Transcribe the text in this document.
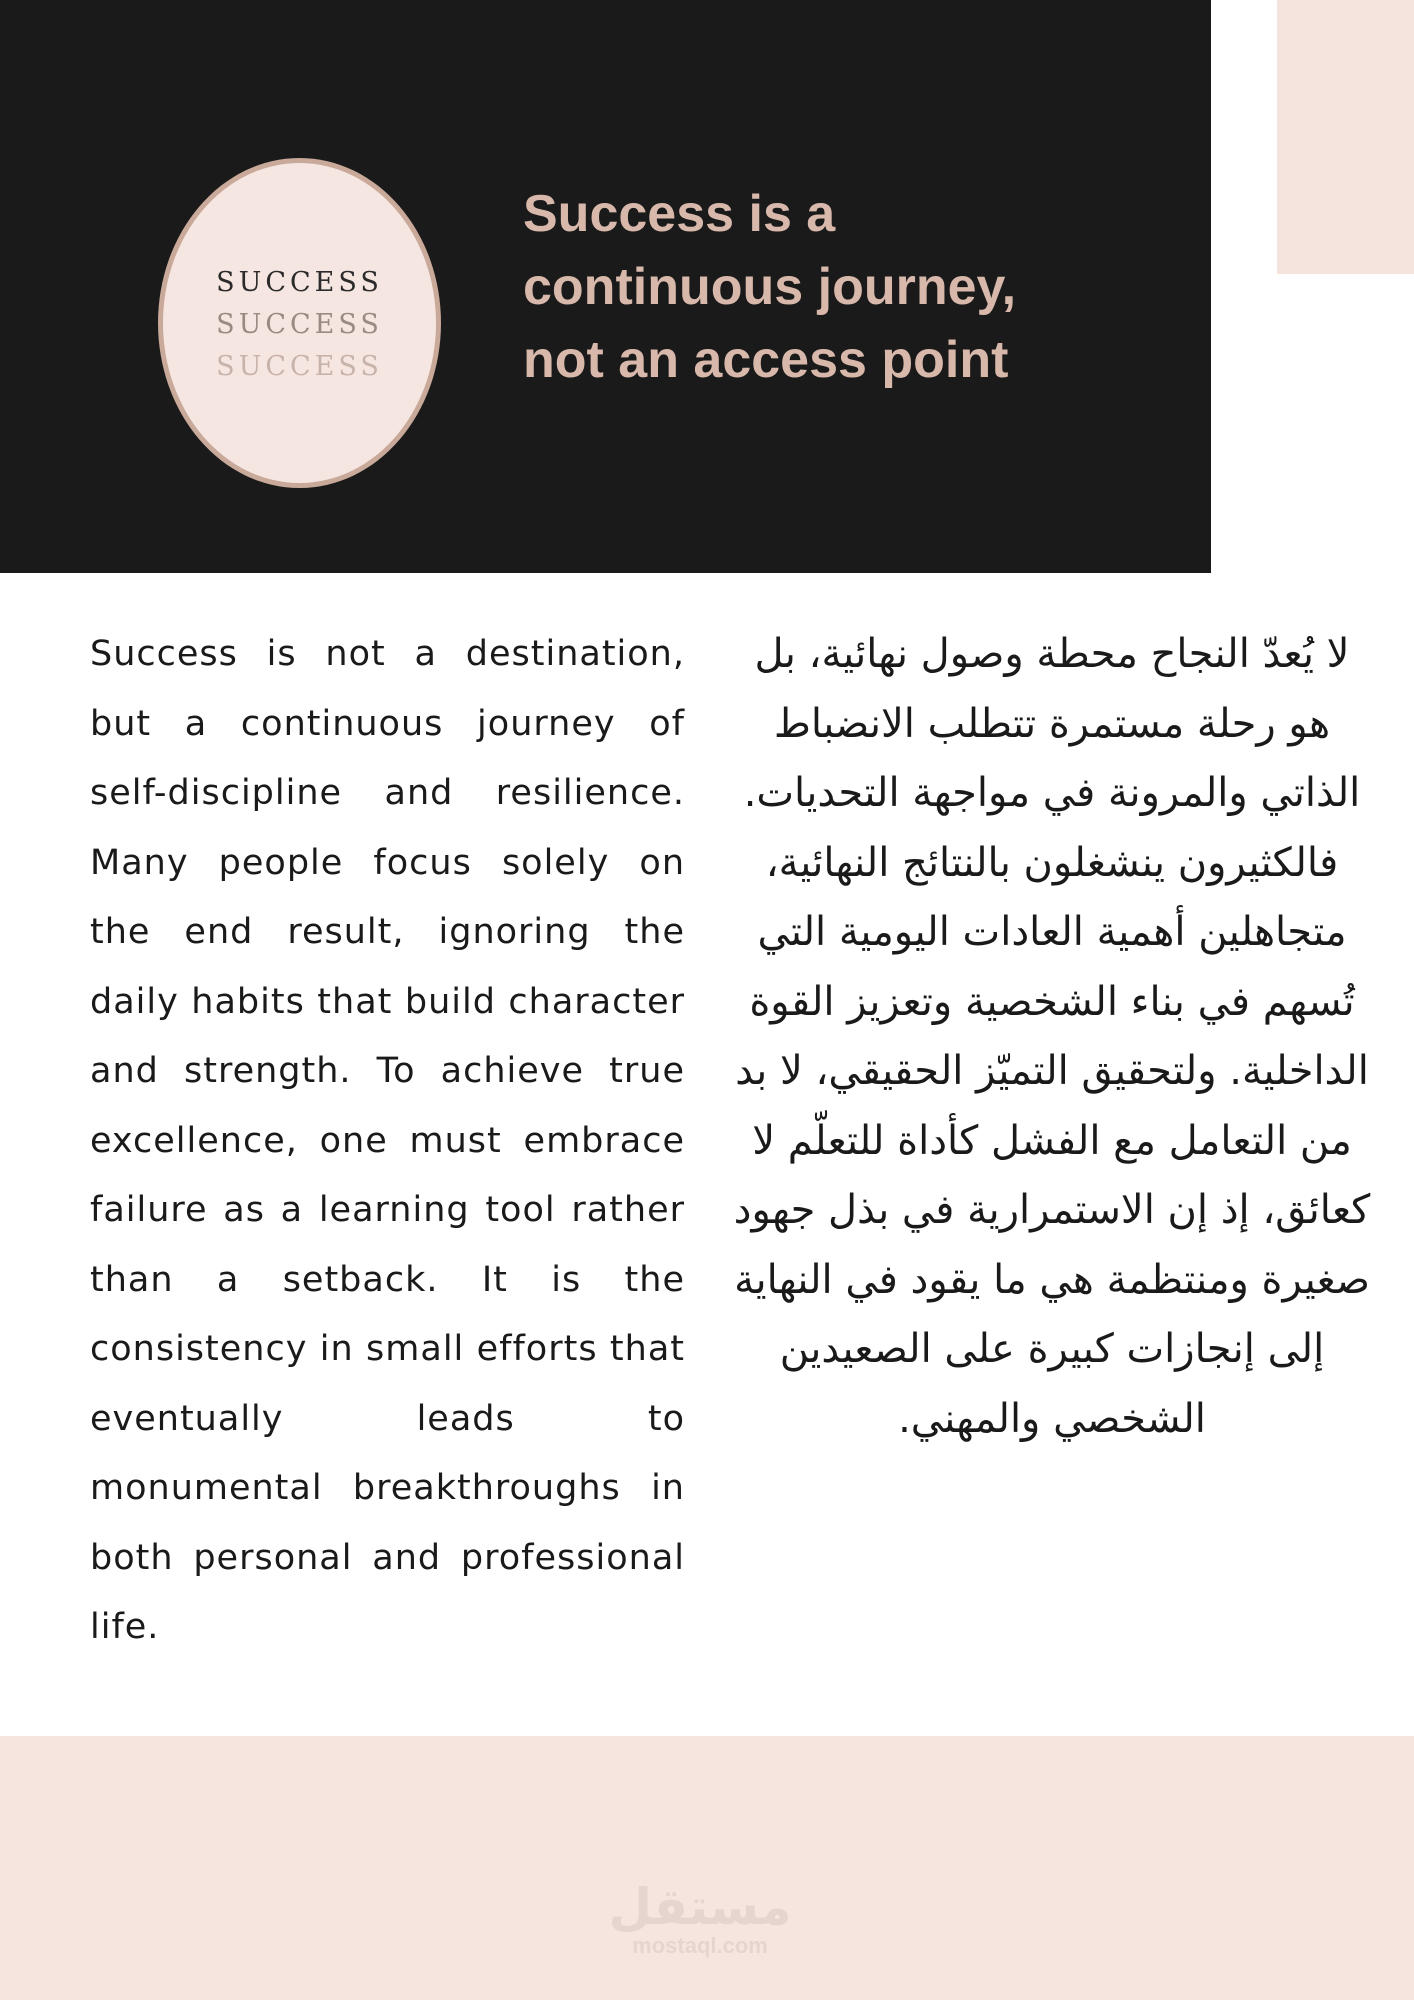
SUCCESS
SUCCESS
SUCCESS
Success is a continuous journey, not an access point

Success is not a destination, but a continuous journey of self-discipline and resilience. Many people focus solely on the end result, ignoring the daily habits that build character and strength. To achieve true excellence, one must embrace failure as a learning tool rather than a setback. It is the consistency in small efforts that eventually leads to monumental breakthroughs in both personal and professional life.

لا يُعدّ النجاح محطة وصول نهائية، بل هو رحلة مستمرة تتطلب الانضباط الذاتي والمرونة في مواجهة التحديات. فالكثيرون ينشغلون بالنتائج النهائية، متجاهلين أهمية العادات اليومية التي تُسهم في بناء الشخصية وتعزيز القوة الداخلية. ولتحقيق التميّز الحقيقي، لا بد من التعامل مع الفشل كأداة للتعلّم لا كعائق، إذ إن الاستمرارية في بذل جهود صغيرة ومنتظمة هي ما يقود في النهاية إلى إنجازات كبيرة على الصعيدين الشخصي والمهني.

مستقل
mostaql.com
